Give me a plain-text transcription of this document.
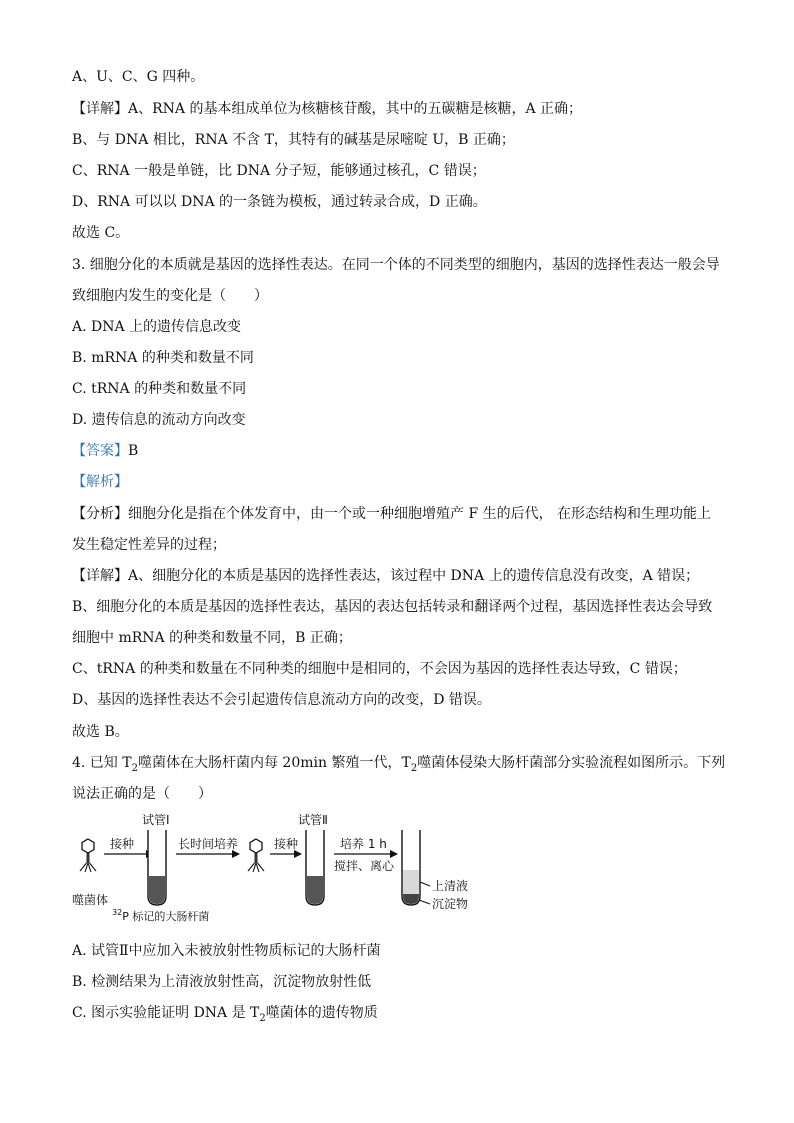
A、U、C、G 四种。
【详解】A、RNA 的基本组成单位为核糖核苷酸，其中的五碳糖是核糖，A 正确；
B、与 DNA 相比，RNA 不含 T，其特有的碱基是尿嘧啶 U，B 正确；
C、RNA 一般是单链，比 DNA 分子短，能够通过核孔，C 错误；
D、RNA 可以以 DNA 的一条链为模板，通过转录合成，D 正确。
故选 C。
3. 细胞分化的本质就是基因的选择性表达。在同一个体的不同类型的细胞内，基因的选择性表达一般会导
致细胞内发生的变化是（　　）
A. DNA 上的遗传信息改变
B. mRNA 的种类和数量不同
C. tRNA 的种类和数量不同
D. 遗传信息的流动方向改变
【答案】B
【解析】
【分析】细胞分化是指在个体发育中，由一个或一种细胞增殖产 F 生的后代， 在形态结构和生理功能上
发生稳定性差异的过程；
【详解】A、细胞分化的本质是基因的选择性表达，该过程中 DNA 上的遗传信息没有改变，A 错误；
B、细胞分化的本质是基因的选择性表达，基因的表达包括转录和翻译两个过程，基因选择性表达会导致
细胞中 mRNA 的种类和数量不同，B 正确；
C、tRNA 的种类和数量在不同种类的细胞中是相同的，不会因为基因的选择性表达导致，C 错误；
D、基因的选择性表达不会引起遗传信息流动方向的改变，D 错误。
故选 B。
4. 已知 $T_2$噬菌体在大肠杆菌内每 20min 繁殖一代，$T_2$噬菌体侵染大肠杆菌部分实验流程如图所示。下列
说法正确的是（　　）
噬菌体
接种
试管Ⅰ
$^{32}$P 标记的大肠杆菌
长时间培养	接种
试管Ⅱ
培养 1 h
搅拌、离心
上清液
沉淀物
A. 试管Ⅱ中应加入未被放射性物质标记的大肠杆菌
B. 检测结果为上清液放射性高，沉淀物放射性低
C. 图示实验能证明 DNA 是 $T_2$噬菌体的遗传物质
